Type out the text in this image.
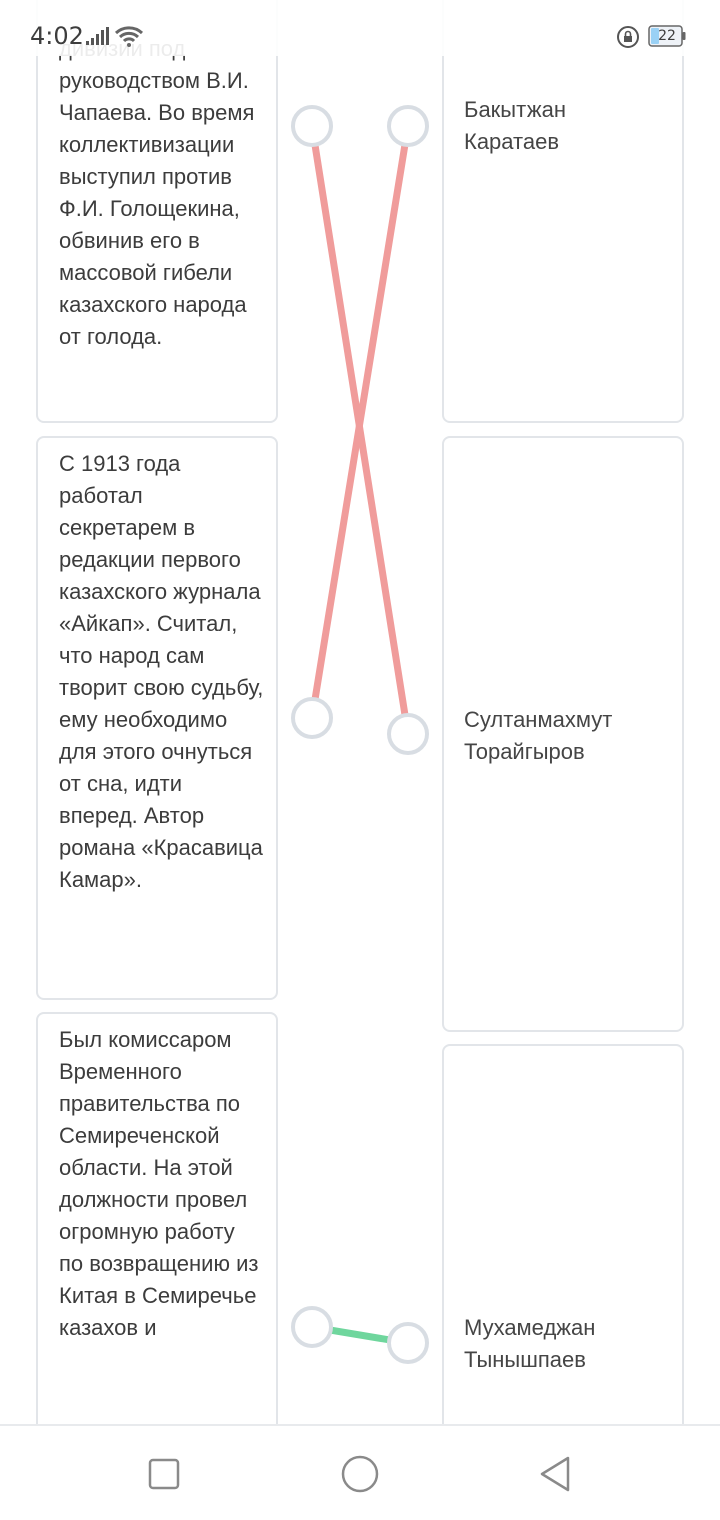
руководством В.И. Чапаева. Во время коллективизации выступил против Ф.И. Голощекина, обвинив его в массовой гибели казахского народа от голода.

Бакытжан Каратаев

С 1913 года работал секретарем в редакции первого казахского журнала «Айкап». Считал, что народ сам творит свою судьбу, ему необходимо для этого очнуться от сна, идти вперед. Автор романа «Красавица Камар».

Султанмахмут Торайгыров

Был комиссаром Временного правительства по Семиреченской области. На этой должности провел огромную работу по возвращению из Китая в Семиречье казахов и	Мухамеджан Тынышпаев

4:02	22
